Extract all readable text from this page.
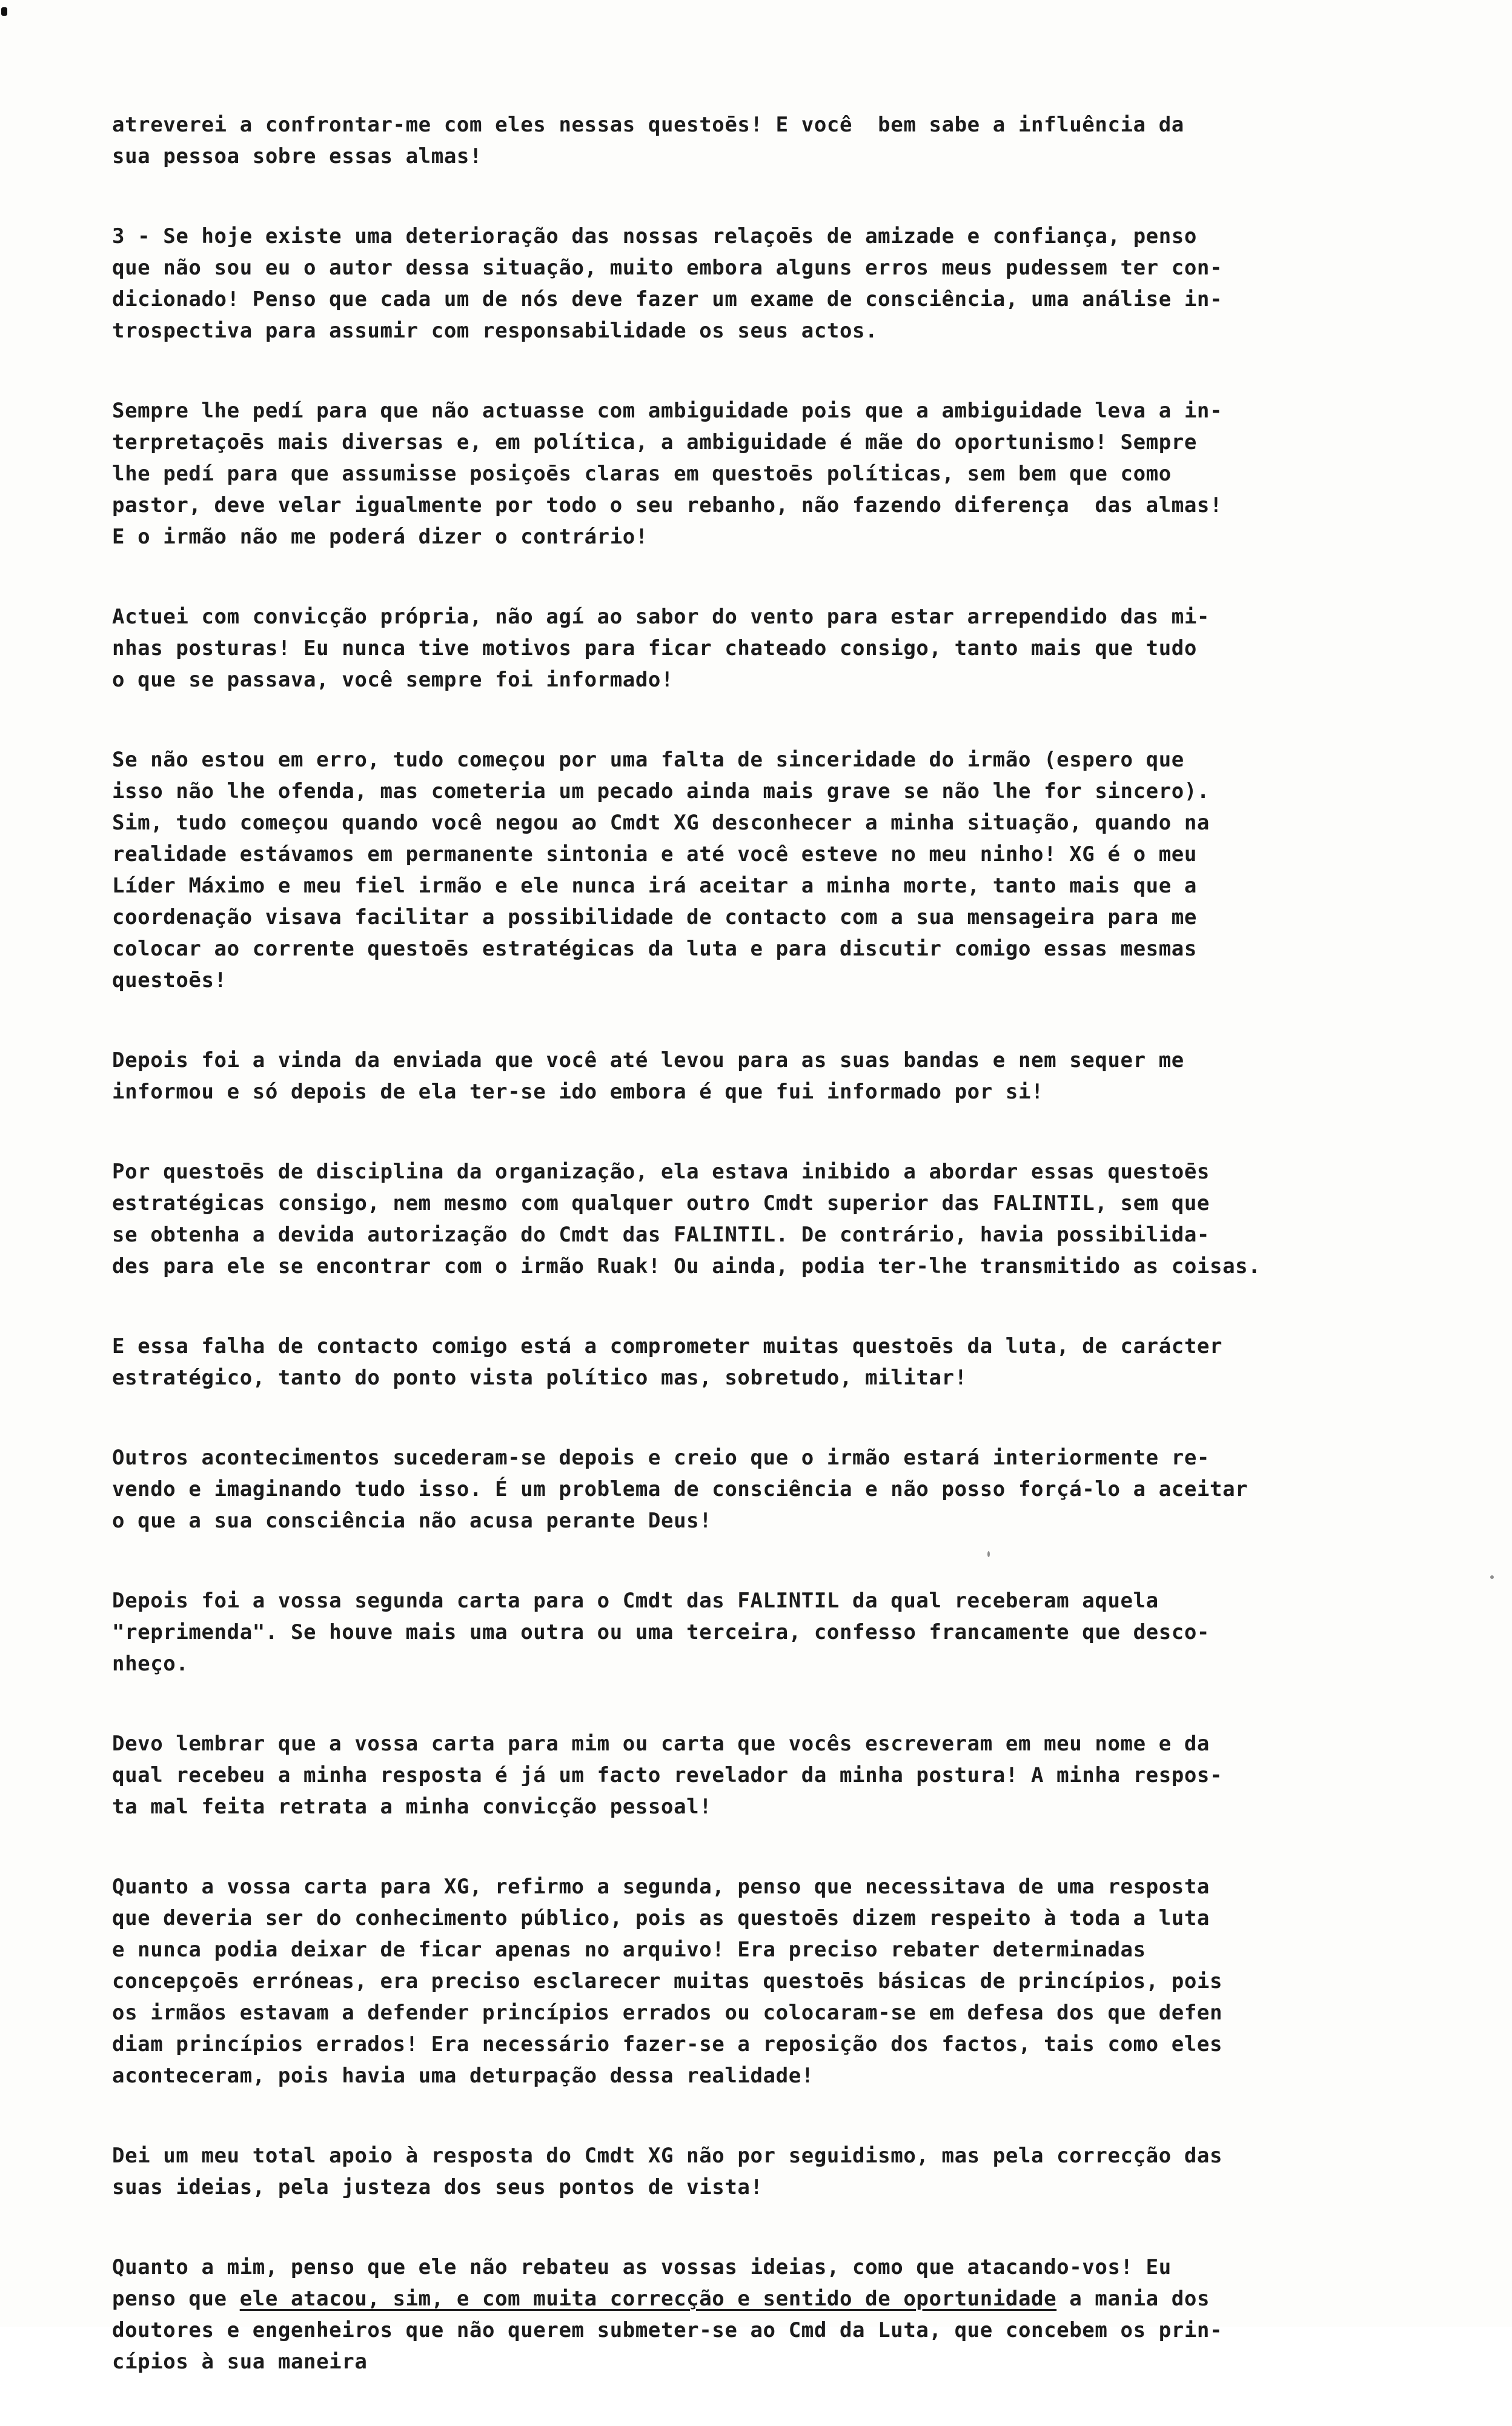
atreverei a confrontar-me com eles nessas questoēs! E você  bem sabe a influência da
sua pessoa sobre essas almas!
3 - Se hoje existe uma deterioração das nossas relaçoēs de amizade e confiança, penso
que não sou eu o autor dessa situação, muito embora alguns erros meus pudessem ter con-
dicionado! Penso que cada um de nós deve fazer um exame de consciência, uma análise in-
trospectiva para assumir com responsabilidade os seus actos.
Sempre lhe pedí para que não actuasse com ambiguidade pois que a ambiguidade leva a in-
terpretaçoēs mais diversas e, em política, a ambiguidade é mãe do oportunismo! Sempre
lhe pedí para que assumisse posiçoēs claras em questoēs políticas, sem bem que como
pastor, deve velar igualmente por todo o seu rebanho, não fazendo diferença  das almas!
E o irmão não me poderá dizer o contrário!
Actuei com convicção própria, não agí ao sabor do vento para estar arrependido das mi-
nhas posturas! Eu nunca tive motivos para ficar chateado consigo, tanto mais que tudo
o que se passava, você sempre foi informado!
Se não estou em erro, tudo começou por uma falta de sinceridade do irmão (espero que
isso não lhe ofenda, mas cometeria um pecado ainda mais grave se não lhe for sincero).
Sim, tudo começou quando você negou ao Cmdt XG desconhecer a minha situação, quando na
realidade estávamos em permanente sintonia e até você esteve no meu ninho! XG é o meu
Líder Máximo e meu fiel irmão e ele nunca irá aceitar a minha morte, tanto mais que a
coordenação visava facilitar a possibilidade de contacto com a sua mensageira para me
colocar ao corrente questoēs estratégicas da luta e para discutir comigo essas mesmas
questoēs!
Depois foi a vinda da enviada que você até levou para as suas bandas e nem sequer me
informou e só depois de ela ter-se ido embora é que fui informado por si!
Por questoēs de disciplina da organização, ela estava inibido a abordar essas questoēs
estratégicas consigo, nem mesmo com qualquer outro Cmdt superior das FALINTIL, sem que
se obtenha a devida autorização do Cmdt das FALINTIL. De contrário, havia possibilida-
des para ele se encontrar com o irmão Ruak! Ou ainda, podia ter-lhe transmitido as coisas.
E essa falha de contacto comigo está a comprometer muitas questoēs da luta, de carácter
estratégico, tanto do ponto vista político mas, sobretudo, militar!
Outros acontecimentos sucederam-se depois e creio que o irmão estará interiormente re-
vendo e imaginando tudo isso. É um problema de consciência e não posso forçá-lo a aceitar
o que a sua consciência não acusa perante Deus!
Depois foi a vossa segunda carta para o Cmdt das FALINTIL da qual receberam aquela
"reprimenda". Se houve mais uma outra ou uma terceira, confesso francamente que desco-
nheço.
Devo lembrar que a vossa carta para mim ou carta que vocês escreveram em meu nome e da
qual recebeu a minha resposta é já um facto revelador da minha postura! A minha respos-
ta mal feita retrata a minha convicção pessoal!
Quanto a vossa carta para XG, refirmo a segunda, penso que necessitava de uma resposta
que deveria ser do conhecimento público, pois as questoēs dizem respeito à toda a luta
e nunca podia deixar de ficar apenas no arquivo! Era preciso rebater determinadas
concepçoēs erróneas, era preciso esclarecer muitas questoēs básicas de princípios, pois
os irmãos estavam a defender princípios errados ou colocaram-se em defesa dos que defen
diam princípios errados! Era necessário fazer-se a reposição dos factos, tais como eles
aconteceram, pois havia uma deturpação dessa realidade!
Dei um meu total apoio à resposta do Cmdt XG não por seguidismo, mas pela correcção das
suas ideias, pela justeza dos seus pontos de vista!
Quanto a mim, penso que ele não rebateu as vossas ideias, como que atacando-vos! Eu
penso que ele atacou, sim, e com muita correcção e sentido de oportunidade a mania dos
doutores e engenheiros que não querem submeter-se ao Cmd da Luta, que concebem os prin-
cípios à sua maneira
